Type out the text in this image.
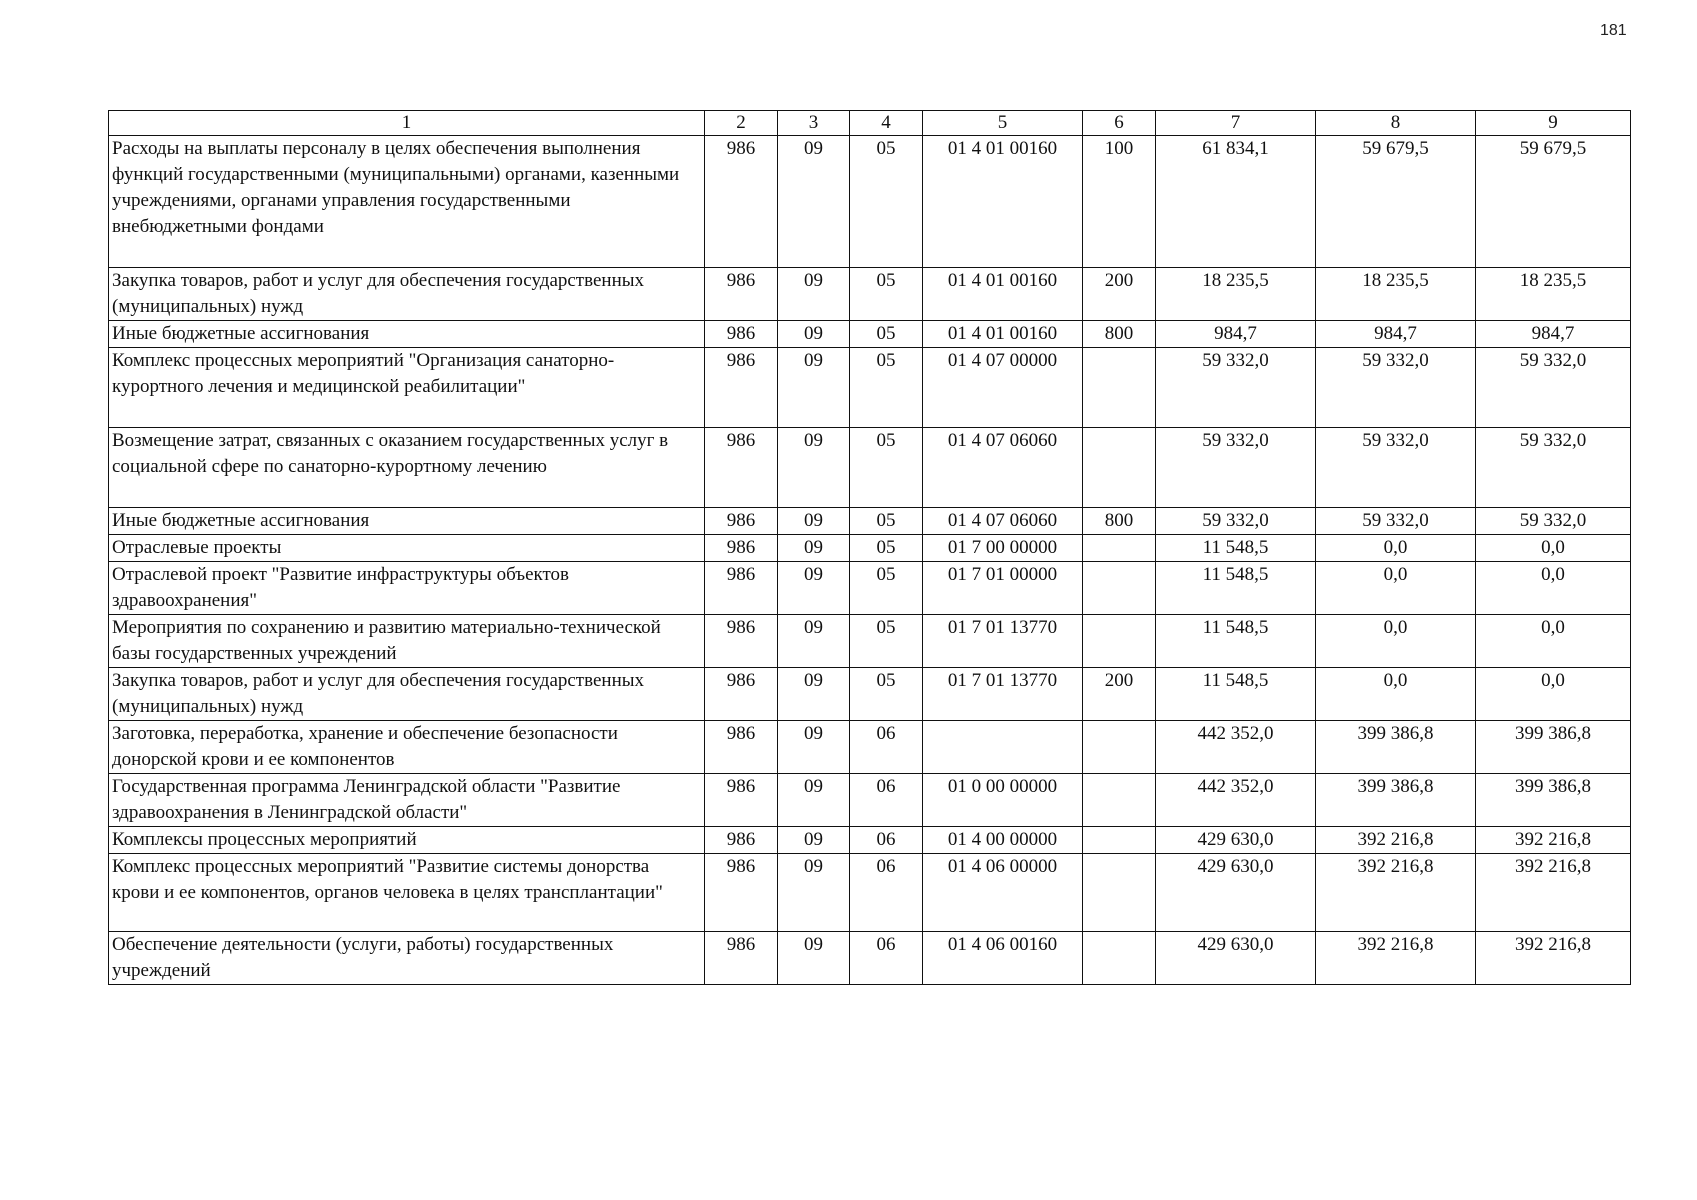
181
1	2	3	4	5	6	7	8	9
Расходы на выплаты персоналу в целях обеспечения выполнения функций государственными (муниципальными) органами, казенными учреждениями, органами управления государственными внебюджетными фондами	986	09	05	01 4 01 00160	100	61 834,1	59 679,5	59 679,5
Закупка товаров, работ и услуг для обеспечения государственных (муниципальных) нужд	986	09	05	01 4 01 00160	200	18 235,5	18 235,5	18 235,5
Иные бюджетные ассигнования	986	09	05	01 4 01 00160	800	984,7	984,7	984,7
Комплекс процессных мероприятий "Организация санаторно-курортного лечения и медицинской реабилитации"	986	09	05	01 4 07 00000		59 332,0	59 332,0	59 332,0
Возмещение затрат, связанных с оказанием государственных услуг в социальной сфере по санаторно-курортному лечению	986	09	05	01 4 07 06060		59 332,0	59 332,0	59 332,0
Иные бюджетные ассигнования	986	09	05	01 4 07 06060	800	59 332,0	59 332,0	59 332,0
Отраслевые проекты	986	09	05	01 7 00 00000		11 548,5	0,0	0,0
Отраслевой проект "Развитие инфраструктуры объектов здравоохранения"	986	09	05	01 7 01 00000		11 548,5	0,0	0,0
Мероприятия по сохранению и развитию материально-технической базы государственных учреждений	986	09	05	01 7 01 13770		11 548,5	0,0	0,0
Закупка товаров, работ и услуг для обеспечения государственных (муниципальных) нужд	986	09	05	01 7 01 13770	200	11 548,5	0,0	0,0
Заготовка, переработка, хранение и обеспечение безопасности донорской крови и ее компонентов	986	09	06			442 352,0	399 386,8	399 386,8
Государственная программа Ленинградской области "Развитие здравоохранения в Ленинградской области"	986	09	06	01 0 00 00000		442 352,0	399 386,8	399 386,8
Комплексы процессных мероприятий	986	09	06	01 4 00 00000		429 630,0	392 216,8	392 216,8
Комплекс процессных мероприятий "Развитие системы донорства крови и ее компонентов, органов человека в целях трансплантации"	986	09	06	01 4 06 00000		429 630,0	392 216,8	392 216,8
Обеспечение деятельности (услуги, работы) государственных учреждений	986	09	06	01 4 06 00160		429 630,0	392 216,8	392 216,8
